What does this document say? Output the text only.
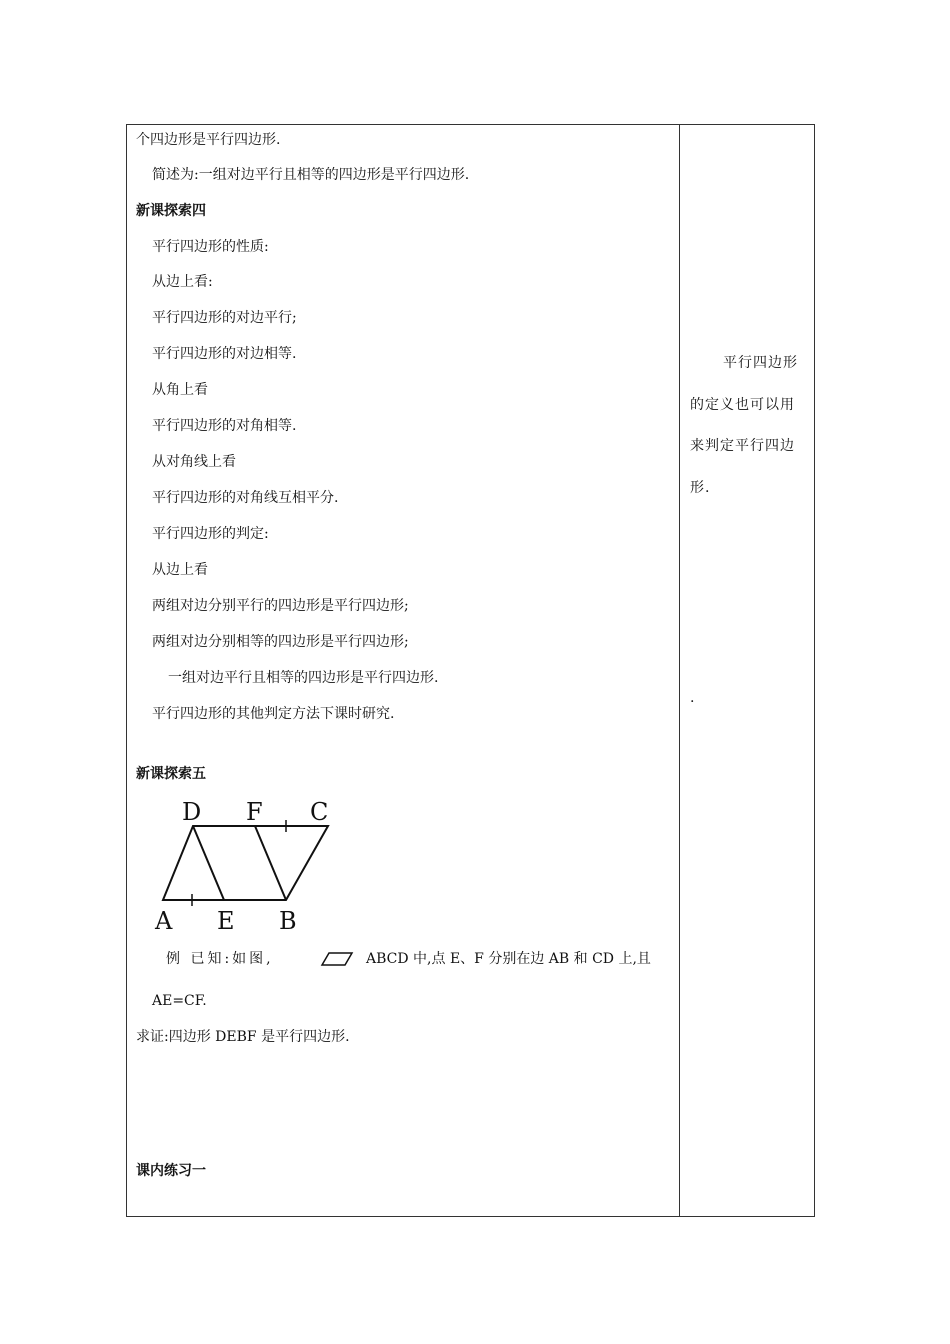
个四边形是平行四边形.
简述为:一组对边平行且相等的四边形是平行四边形.
新课探索四
平行四边形的性质:
从边上看:
平行四边形的对边平行;
平行四边形的对边相等.
从角上看
平行四边形的对角相等.
从对角线上看
平行四边形的对角线互相平分.
平行四边形的判定:
从边上看
两组对边分别平行的四边形是平行四边形;
两组对边分别相等的四边形是平行四边形;
一组对边平行且相等的四边形是平行四边形.
平行四边形的其他判定方法下课时研究.
新课探索五
D F C
A E B
例 已知:如图,	ABCD 中,点 E、F 分别在边 AB 和 CD 上,且
AE=CF.
求证:四边形 DEBF 是平行四边形.
课内练习一
平行四边形
的定义也可以用
来判定平行四边
形.
.
